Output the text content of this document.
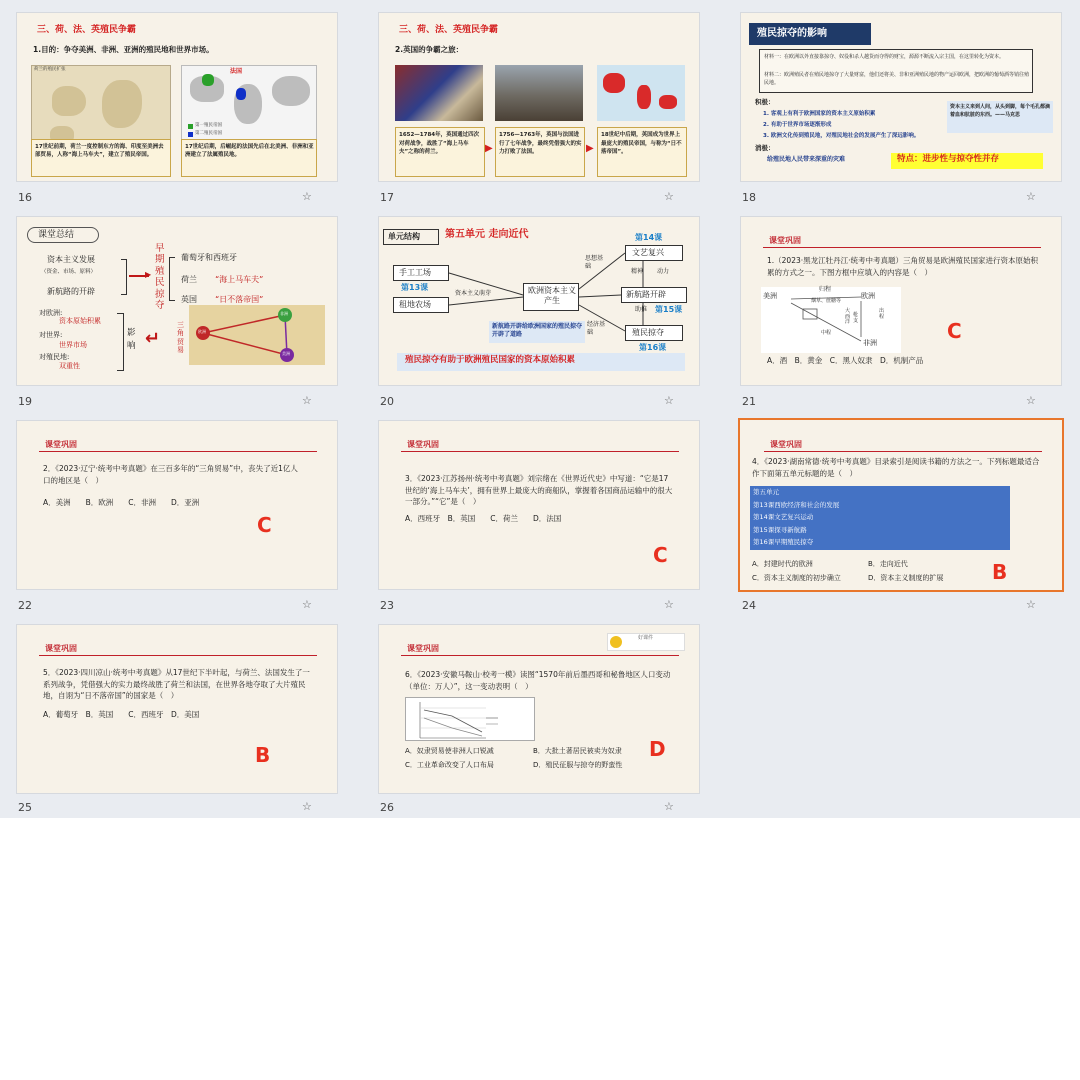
三、荷、法、英殖民争霸
1.目的：争夺美洲、非洲、亚洲的殖民地和世界市场。
荷兰的殖民扩张	法国
第一殖民帝国
第二殖民帝国
17世纪前期，荷兰一度控制东方的海、印度至美洲去部贸易，人称“海上马车夫”，建立了殖民帝国。
17世纪后期，后崛起的法国先后在北美洲、非洲和亚洲建立了法属殖民地。
16	☆
三、荷、法、英殖民争霸
2.英国的争霸之旅：
1652—1784年，英国通过四次对荷战争，战胜了“海上马车夫”之称的荷兰。	▶
1756—1763年，英国与法国进行了七年战争，最终凭借强大的实力打败了法国。	▶
18世纪中后期，英国成为世界上最庞大的殖民帝国，与称为“日不落帝国”。
17	☆
殖民掠夺的影响
材料一：在欧洲以外直接靠掠夺、奴役和杀人越货而夺得的财宝，源源不断流入宗主国，在这里转化为资本。
材料二：欧洲殖民者在殖民地掠夺了大量财富，他们还将美、非和亚洲殖民地的物产运回欧洲，把欧洲的葡萄酒等销往殖民地。
积极：
1. 客观上有利于欧洲国家的资本主义原始积累
2. 有助于世界市场逐渐形成
3. 欧洲文化传到殖民地，对殖民地社会的发展产生了深远影响。
消极：
给殖民地人民带来深重的灾难
资本主义来到人间，从头到脚，每个毛孔都滴着血和肮脏的东西。——马克思
特点：进步性与掠夺性并存
18	☆
课堂总结
资本主义发展
（资金、市场、原料）
新航路的开辟
▶
早期殖民掠夺
葡萄牙和西班牙
荷兰 “海上马车夫”
英国 “日不落帝国”
对欧洲:
资本原始积累
对世界:
世界市场
对殖民地:
双重性
影响 ↵
三角贸易
欧洲
非洲
美洲
19	☆
单元结构	第五单元 走向近代
手工工场
第13课
租地农场
资本主义萌芽	欧洲资本主义产生
第14课
文艺复兴
思想基础
精神 动力
新航路开辟
助推 第15课
殖民掠夺
第16课
经济基础
新航路开辟给欧洲国家的殖民掠夺开辟了道路
殖民掠夺有助于欧洲殖民国家的资本原始积累
20	☆
课堂巩固
1.（2023·黑龙江牡丹江·统考中考真题）三角贸易是欧洲殖民国家进行资本原始积累的方式之一。下图方框中应填入的内容是（　）
美洲	欧洲
非洲
归程
烟草、蔗糖等
大西洋
出程
中程
枪支
A．酒　B．黄金　C．黑人奴隶　D．机制产品
C
21	☆
课堂巩固
2．《2023·辽宁·统考中考真题》在三百多年的“三角贸易”中，丧失了近1亿人口的地区是（　）
A．美洲　　B．欧洲　　C．非洲　　D．亚洲
C
22	☆
课堂巩固
3．《2023·江苏扬州·统考中考真题》刘宗绪在《世界近代史》中写道：“它是17世纪的‘海上马车夫’，拥有世界上最庞大的商船队，掌握着各国商品运输中的很大一部分。”“它”是（　）
A．西班牙　B．英国　　C．荷兰　　D．法国
C
23	☆
课堂巩固
4．《2023·湖南常德·统考中考真题》目录索引是阅读书籍的方法之一。下列标题最适合作下面第五单元标题的是（　）
第五单元
第13课西欧经济和社会的发展
第14课文艺复兴运动
第15课探寻新航路
第16课早期殖民掠夺
A．封建时代的欧洲	B．走向近代
C．资本主义制度的初步确立	D．资本主义制度的扩展 B
24	☆
课堂巩固
5．《2023·四川凉山·统考中考真题》从17世纪下半叶起，与荷兰、法国发生了一系列战争，凭借强大的实力最终战胜了荷兰和法国，在世界各地夺取了大片殖民地，自诩为“日不落帝国”的国家是（　）
A．葡萄牙　B．英国　　C．西班牙　D．美国
B
25	☆
课堂巩固
好课件
6．《2023·安徽马鞍山·校考一模》读图“1570年前后墨西哥和秘鲁地区人口变动（单位：万人）”，这一变动表明（　）
A．奴隶贸易使非洲人口锐减	B．大批土著居民被卖为奴隶
C．工业革命改变了人口布局	D．殖民征服与掠夺的野蛮性
D
26	☆
